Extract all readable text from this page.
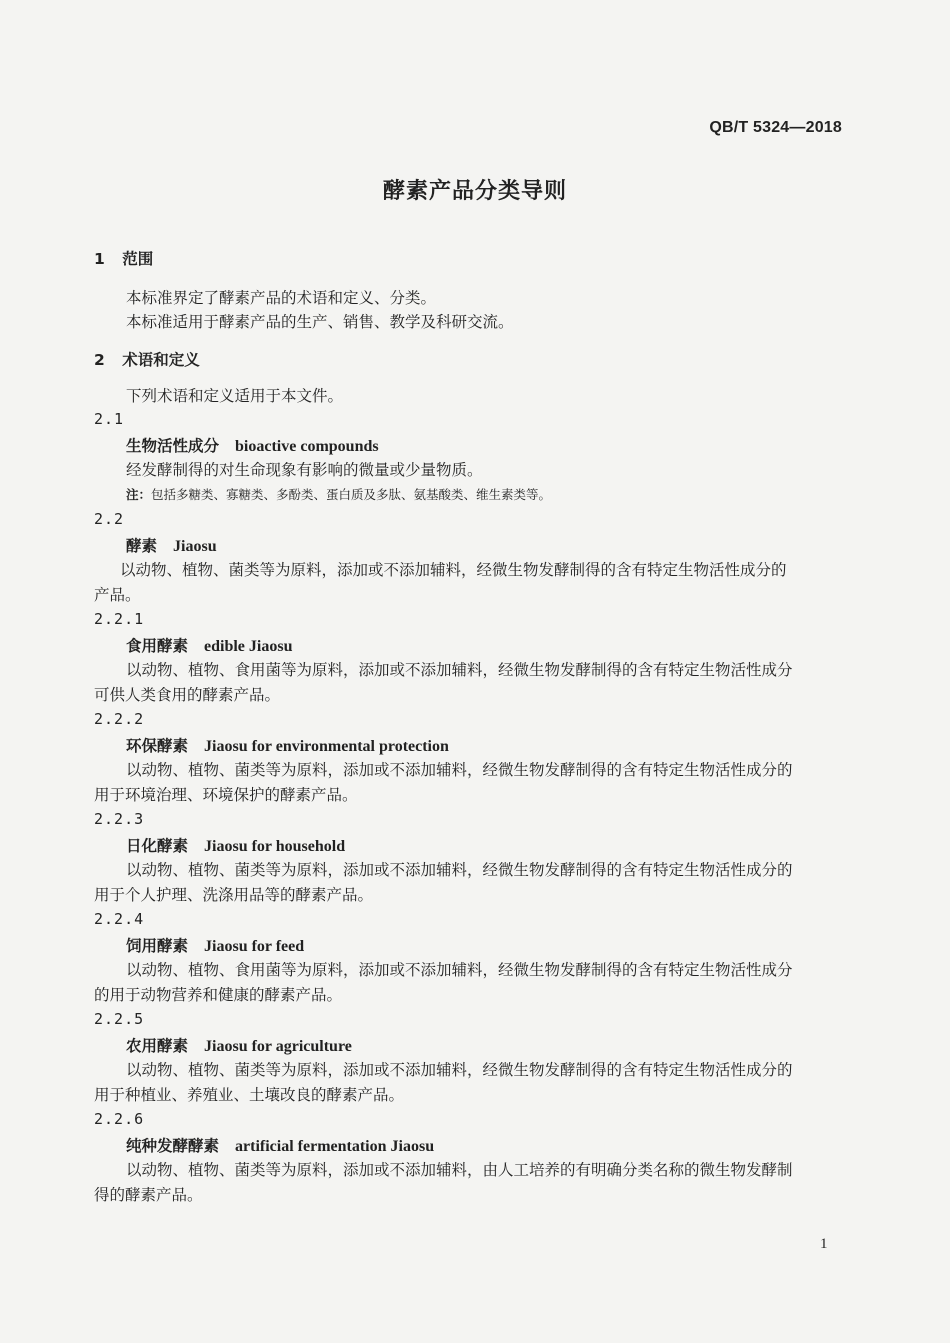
QB/T 5324—2018
酵素产品分类导则
1 范围
本标准界定了酵素产品的术语和定义、分类。
本标准适用于酵素产品的生产、销售、教学及科研交流。
2 术语和定义
下列术语和定义适用于本文件。
2.1
生物活性成分 bioactive compounds
经发酵制得的对生命现象有影响的微量或少量物质。
注：包括多糖类、寡糖类、多酚类、蛋白质及多肽、氨基酸类、维生素类等。
2.2
酵素 Jiaosu
以动物、植物、菌类等为原料，添加或不添加辅料，经微生物发酵制得的含有特定生物活性成分的
产品。
2.2.1
食用酵素 edible Jiaosu
以动物、植物、食用菌等为原料，添加或不添加辅料，经微生物发酵制得的含有特定生物活性成分
可供人类食用的酵素产品。
2.2.2
环保酵素 Jiaosu for environmental protection
以动物、植物、菌类等为原料，添加或不添加辅料，经微生物发酵制得的含有特定生物活性成分的
用于环境治理、环境保护的酵素产品。
2.2.3
日化酵素 Jiaosu for household
以动物、植物、菌类等为原料，添加或不添加辅料，经微生物发酵制得的含有特定生物活性成分的
用于个人护理、洗涤用品等的酵素产品。
2.2.4
饲用酵素 Jiaosu for feed
以动物、植物、食用菌等为原料，添加或不添加辅料，经微生物发酵制得的含有特定生物活性成分
的用于动物营养和健康的酵素产品。
2.2.5
农用酵素 Jiaosu for agriculture
以动物、植物、菌类等为原料，添加或不添加辅料，经微生物发酵制得的含有特定生物活性成分的
用于种植业、养殖业、土壤改良的酵素产品。
2.2.6
纯种发酵酵素 artificial fermentation Jiaosu
以动物、植物、菌类等为原料，添加或不添加辅料，由人工培养的有明确分类名称的微生物发酵制
得的酵素产品。
1
